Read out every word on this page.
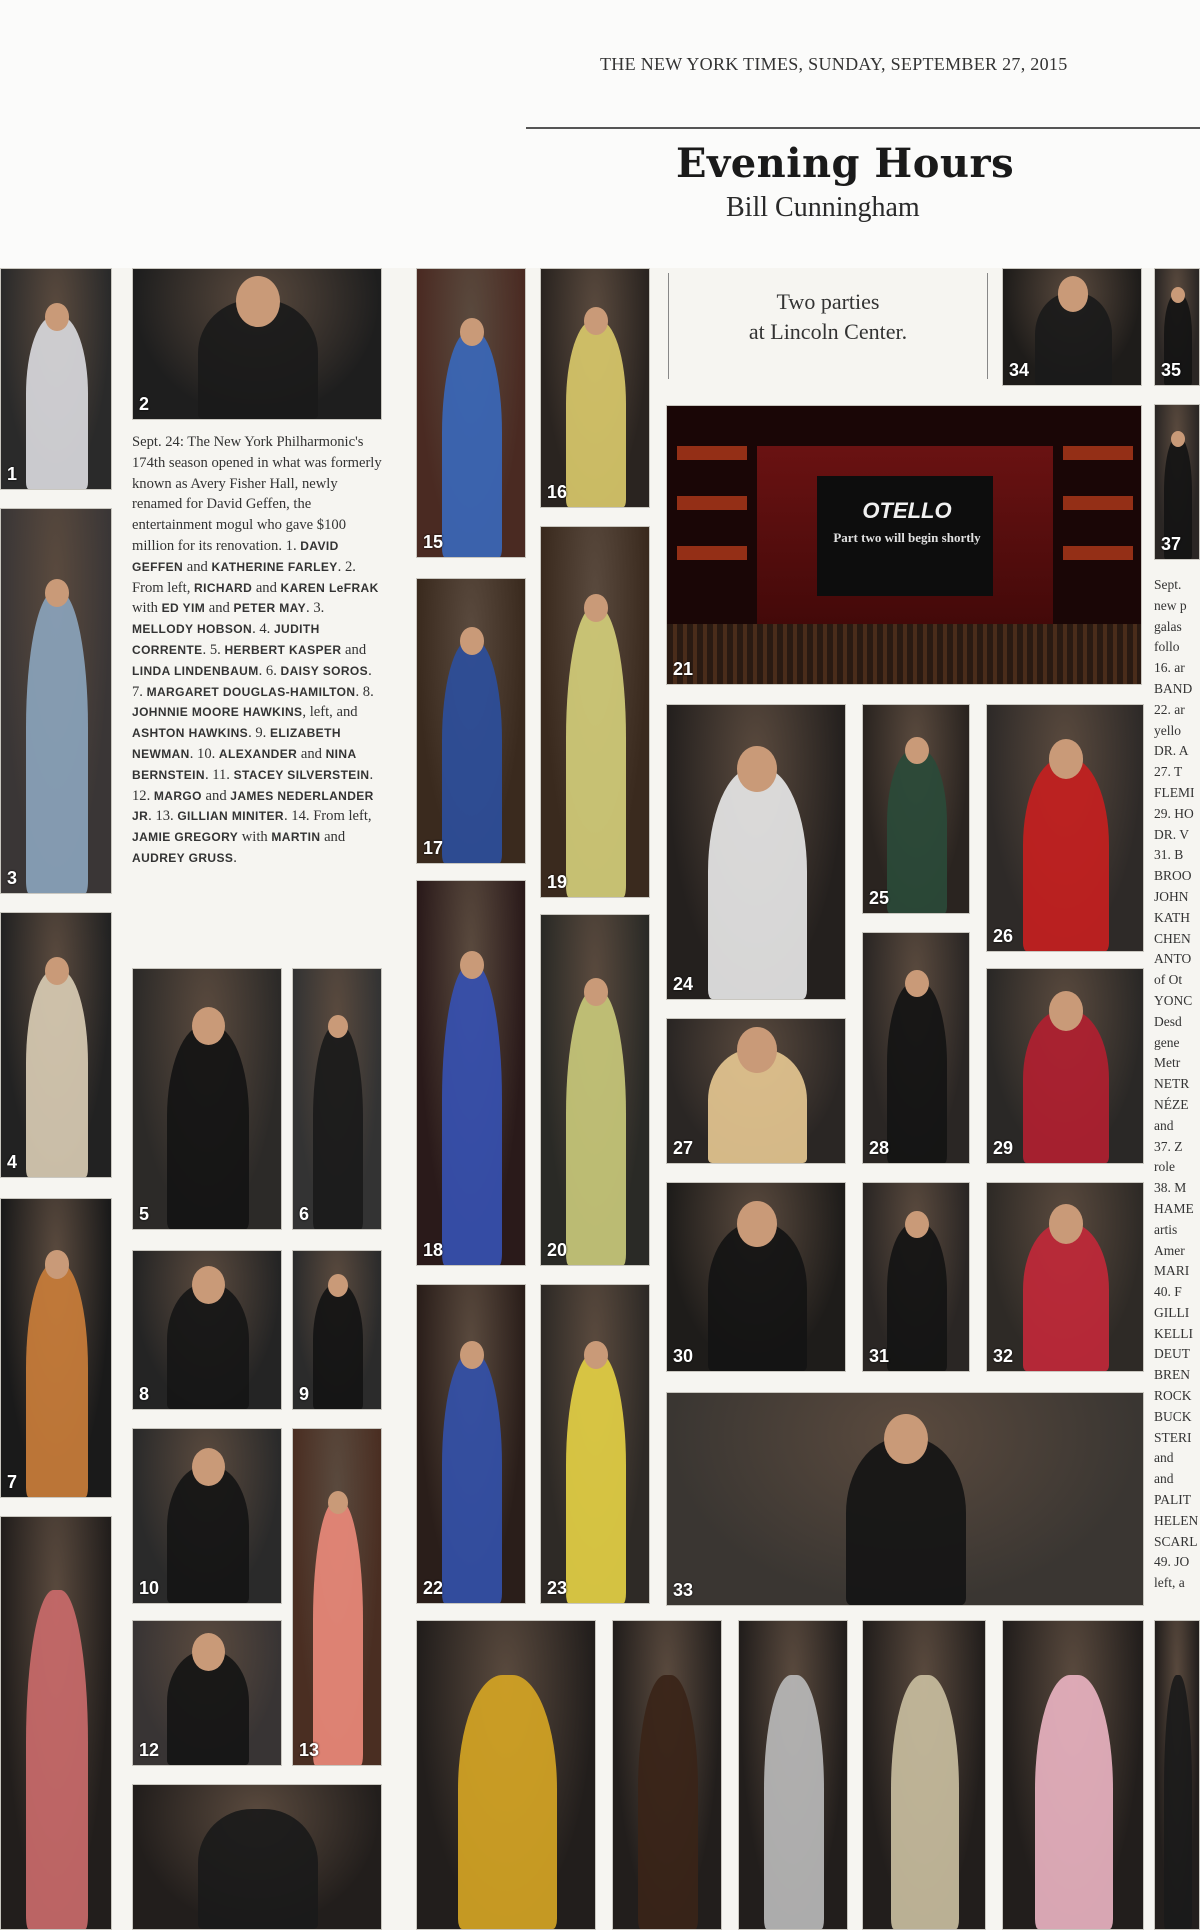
THE NEW YORK TIMES, SUNDAY, SEPTEMBER 27, 2015
Evening Hours
Bill Cunningham
Two parties
at Lincoln Center.
Sept. 24: The New York Philharmonic's 174th season opened in what was formerly known as Avery Fisher Hall, newly renamed for David Geffen, the entertainment mogul who gave $100 million for its renovation. 1. DAVID GEFFEN and KATHERINE FARLEY. 2. From left, RICHARD and KAREN LeFRAK with ED YIM and PETER MAY. 3. MELLODY HOBSON. 4. JUDITH CORRENTE. 5. HERBERT KASPER and LINDA LINDENBAUM. 6. DAISY SOROS. 7. MARGARET DOUGLAS-HAMILTON. 8. JOHNNIE MOORE HAWKINS, left, and ASHTON HAWKINS. 9. ELIZABETH NEWMAN. 10. ALEXANDER and NINA BERNSTEIN. 11. STACEY SILVERSTEIN. 12. MARGO and JAMES NEDERLANDER JR. 13. GILLIAN MINITER. 14. From left, JAMIE GREGORY with MARTIN and AUDREY GRUSS.
Sept.
new p
galas
follo
16. ar
BAND
22. ar
yello
DR. A
27. T
FLEMI
29. HO
DR. V
31. B
BROO
JOHN
KATH
CHEN
ANTO
of Ot
YONC
Desd
gene
Metr
NETR
NÉZE
and
37. Z
role
38. M
HAME
artis
Amer
MARI
40. F
GILLI
KELLI
DEUT
BREN
ROCK
BUCK
STERI
and
and
PALIT
HELEN
SCARL
49. JO
left, a
OTELLO
Part two will begin shortly
21
1
2
3
4
5	6
7
8	9
10
12	13
15
16
17
18
19
20
22	23
24
25
26
27	28	29
30	31	32
33
34	35
37
